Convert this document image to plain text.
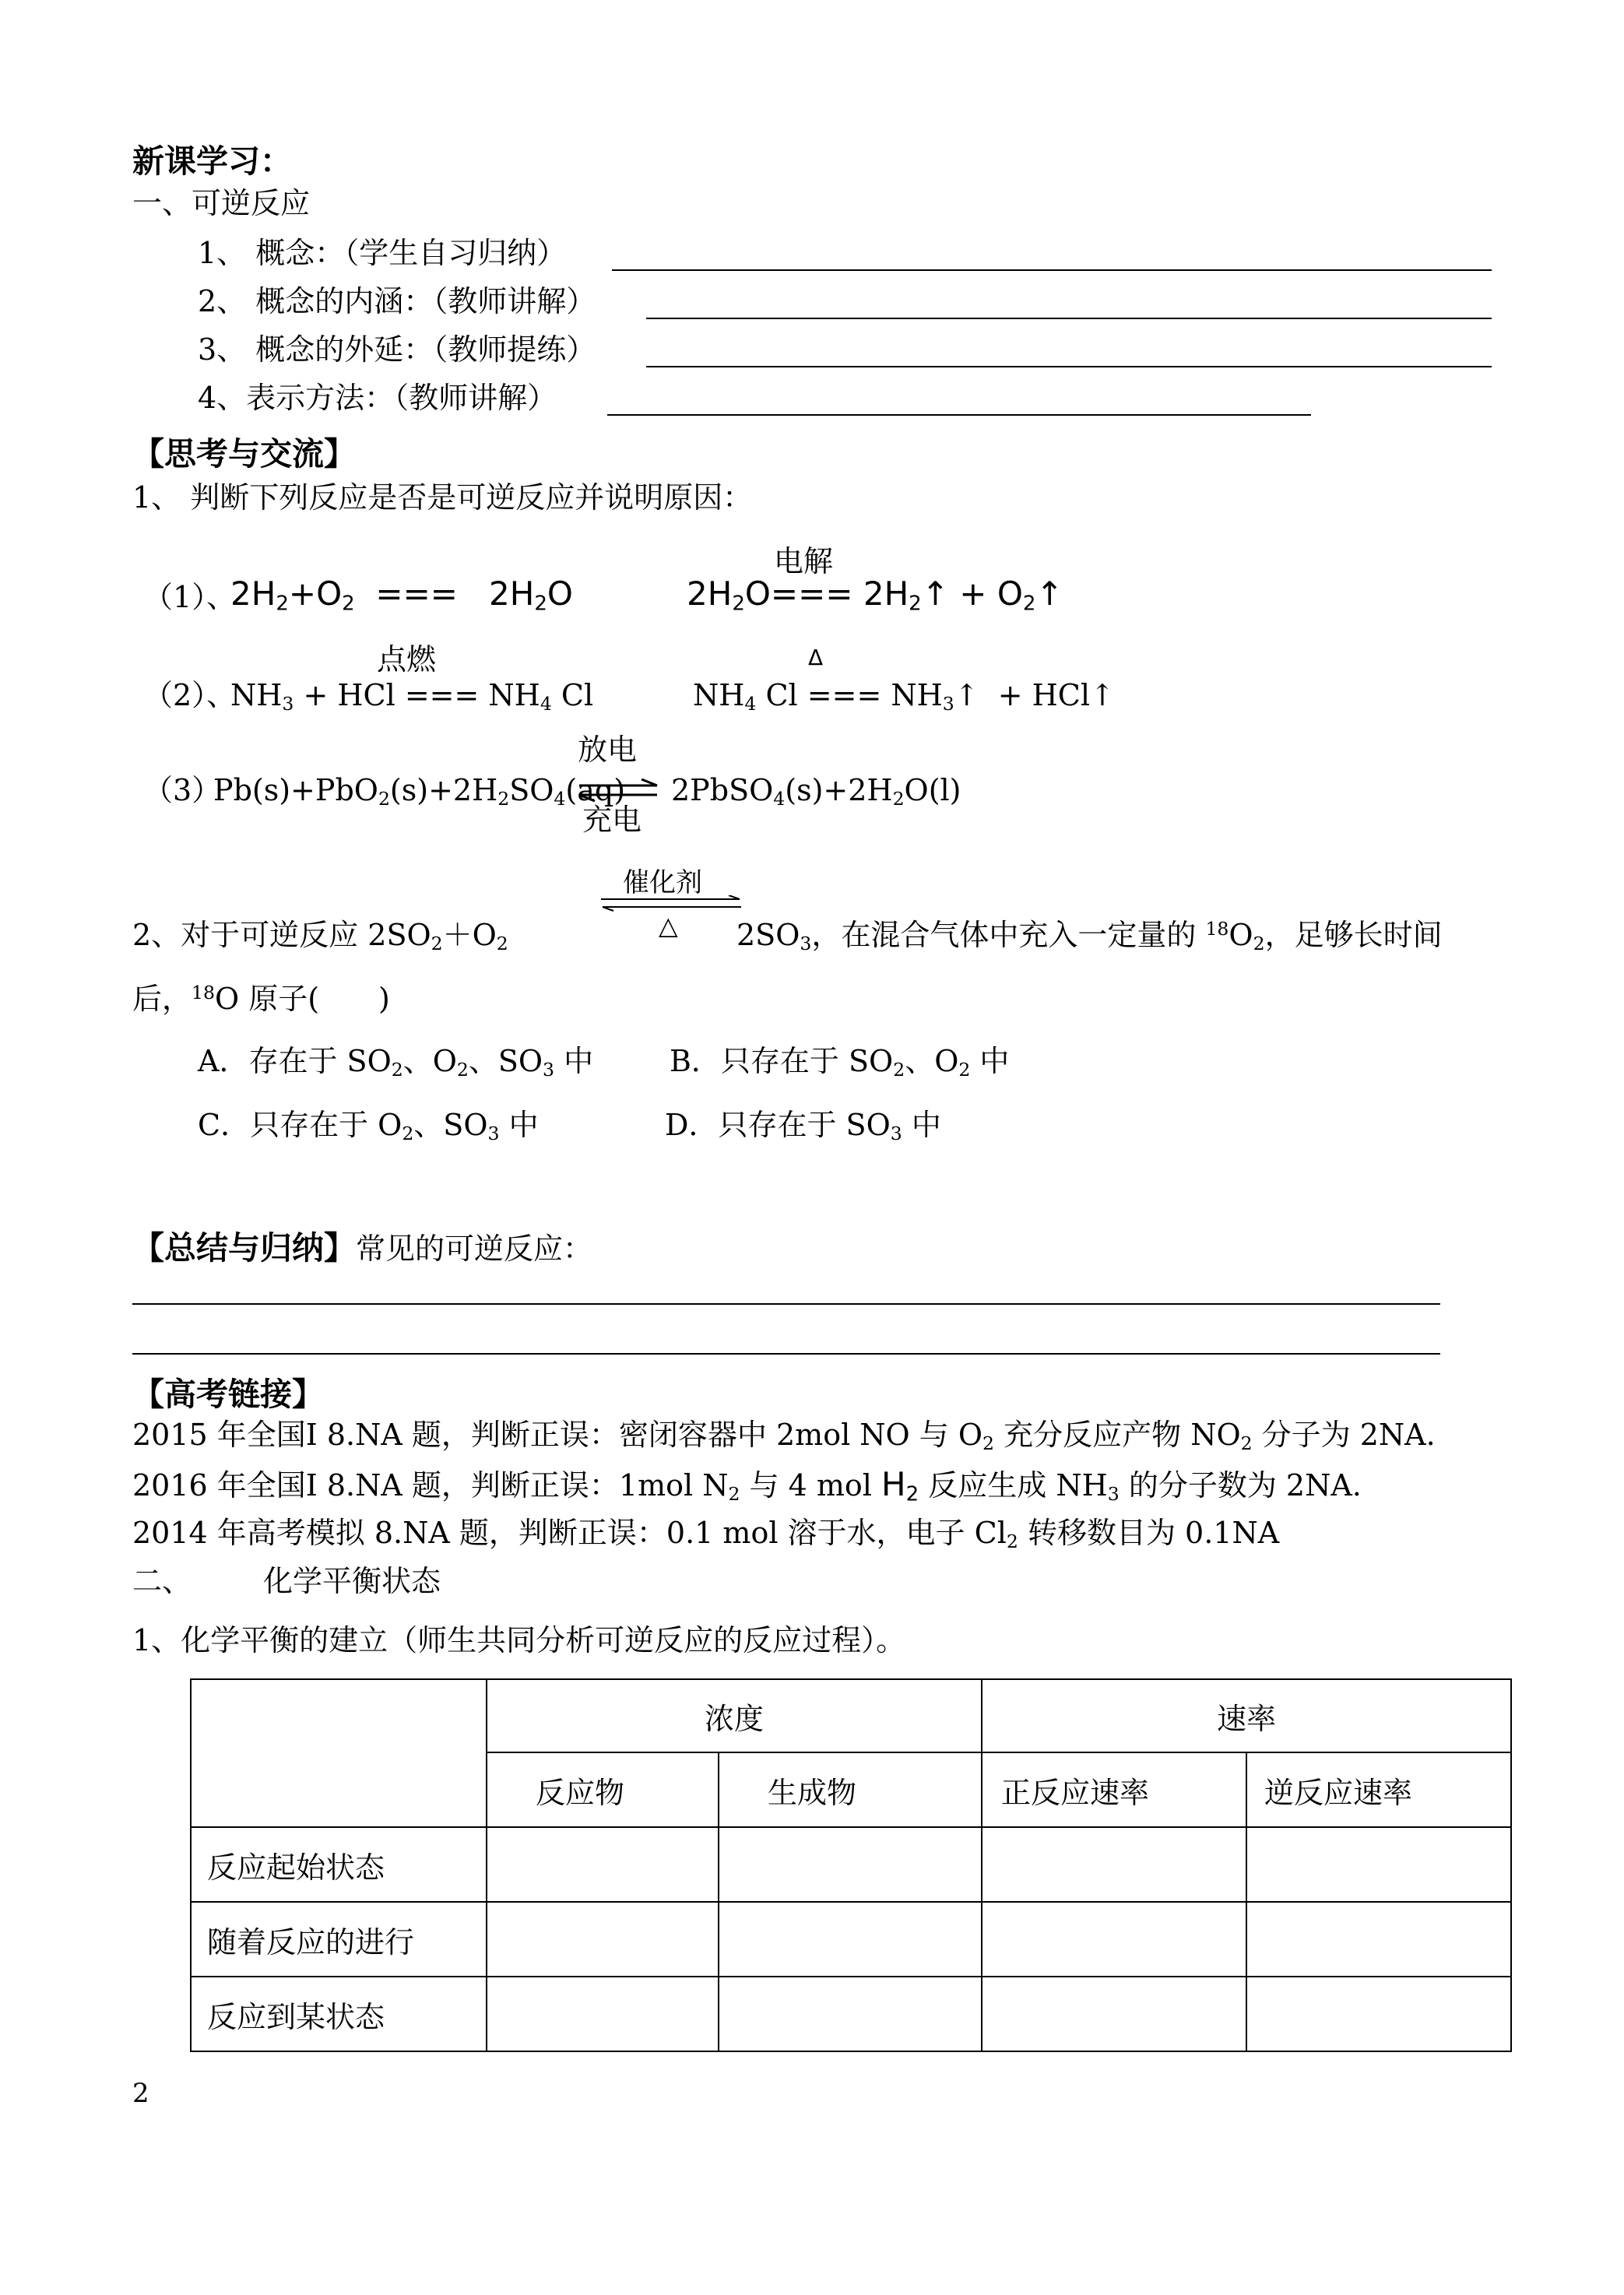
新课学习：
一、可逆反应
1、 概念：（学生自习归纳）
2、 概念的内涵：（教师讲解）
3、 概念的外延：（教师提练）
4、表示方法：（教师讲解）
【思考与交流】
1、 判断下列反应是否是可逆反应并说明原因：
（1）、
$2H_2+O_2$  ===   $2H_2O$
电解
$2H_2O===$ $2H_2↑$ + $O_2↑$
点燃
（2）、
$NH_3$ + HCl === $NH_4$ Cl
Δ
$NH_4$ Cl === $NH_3↑$  + HCl↑
放电
（3）
$Pb(s)+PbO_2(s)+2H_2SO_4(aq)$ $2PbSO_4(s)+2H_2O(l)$
充电
催化剂
△
2、对于可逆反应 $2SO_2+O_2$	$2SO_3$，在混合气体中充入一定量的 $^{18}O_2$，足够长时间
后，$^{18}$O 原子(　　)
A．存在于 $SO_2$、$O_2$、$SO_3$ 中	B．只存在于 $SO_2$、$O_2$ 中
C．只存在于 $O_2$、$SO_3$ 中	D．只存在于 $SO_3$ 中
【总结与归纳】常见的可逆反应：
【高考链接】
2015 年全国Ⅰ 8.NA 题，判断正误：密闭容器中 2mol NO 与 $O_2$ 充分反应产物 $NO_2$ 分子为 2NA.
2016 年全国Ⅰ 8.NA 题，判断正误：1mol $N_2$ 与 4 mol $H_2$ 反应生成 $NH_3$ 的分子数为 2NA.
2014 年高考模拟 8.NA 题，判断正误：0.1 mol 溶于水，电子 $Cl_2$ 转移数目为 0.1NA
二、 化学平衡状态
1、化学平衡的建立（师生共同分析可逆反应的反应过程）。
	浓度		速率	
	反应物	生成物	正反应速率	逆反应速率
反应起始状态				
随着反应的进行				
反应到某状态				
2
